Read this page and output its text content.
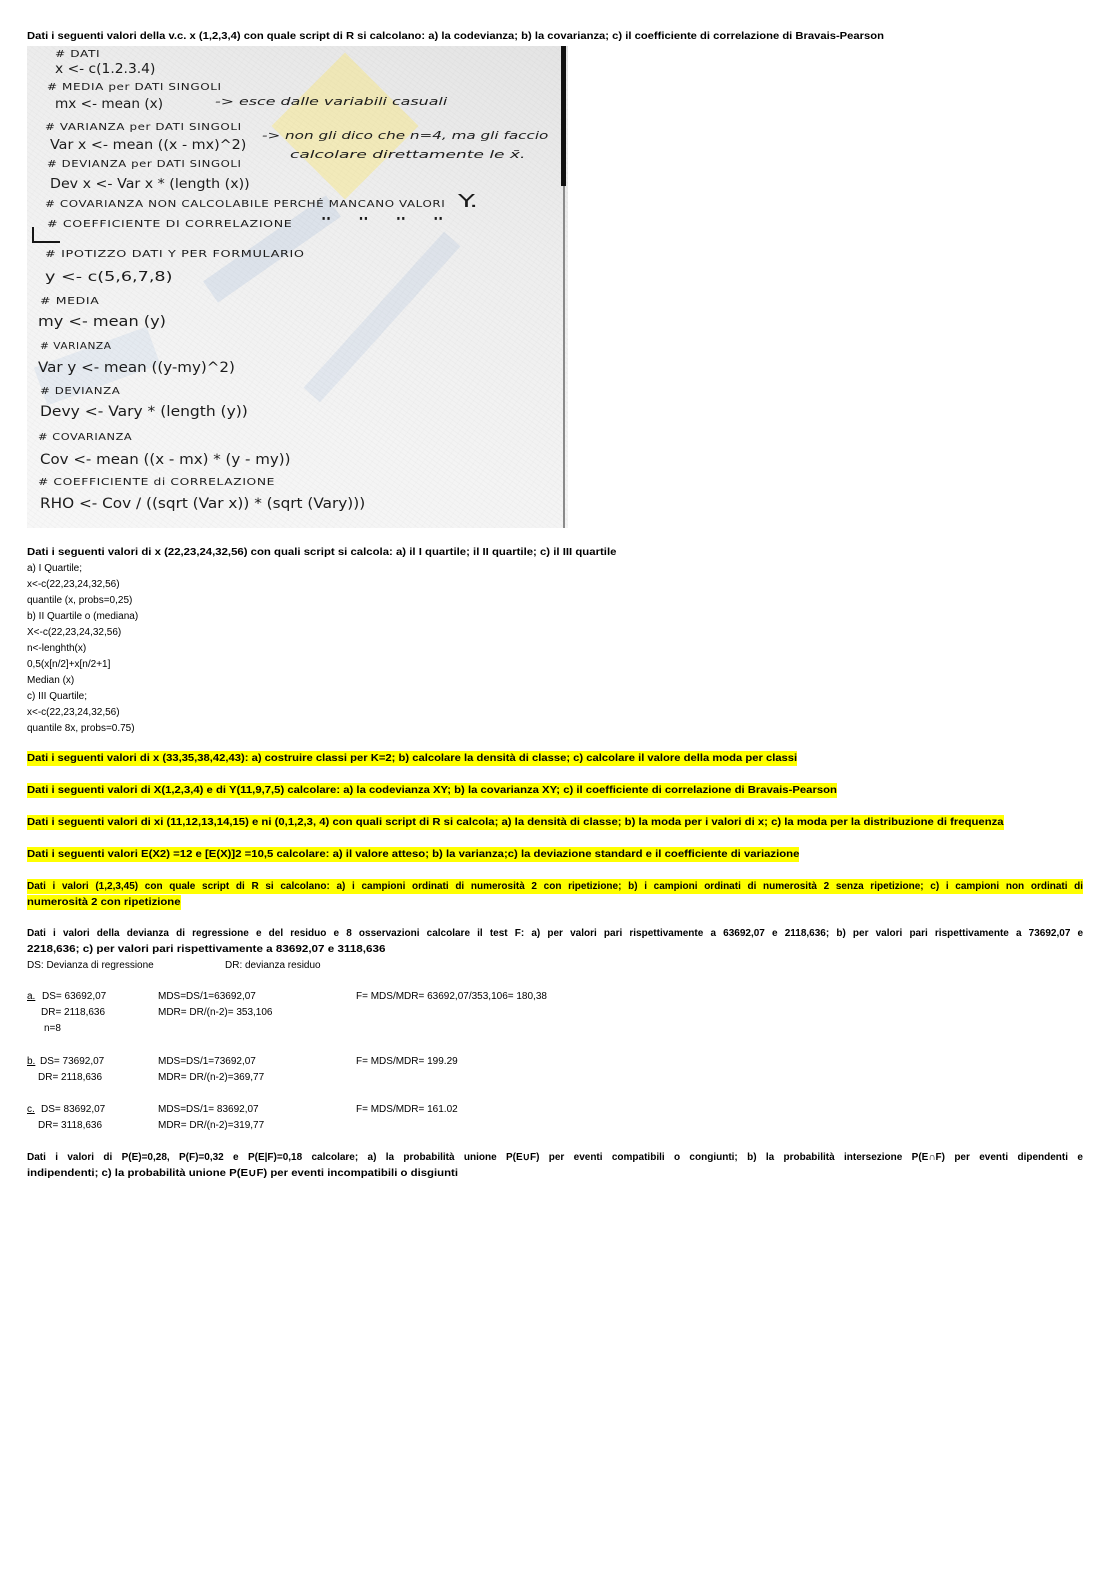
Dati i seguenti valori della v.c. x (1,2,3,4) con quale script di R si calcolano: a) la codevianza; b) la covarianza; c) il coefficiente di correlazione di Bravais-Pearson
# DATI
x <- c(1.2.3.4)
# MEDIA per DATI SINGOLI
mx <- mean (x)	-> esce dalle variabili casuali
# VARIANZA per DATI SINGOLI
-> non gli dico che n=4, ma gli faccio
Var x <- mean ((x - mx)^2)
calcolare direttamente le x̄.
# DEVIANZA per DATI SINGOLI
Dev x <- Var x * (length (x))
# COVARIANZA NON CALCOLABILE PERCHÉ MANCANO VALORI Y.
# COEFFICIENTE DI CORRELAZIONE	"   "   "   "
# IPOTIZZO DATI Y PER FORMULARIO
y <- c(5,6,7,8)
# MEDIA
my <- mean (y)
# VARIANZA
Var y <- mean ((y-my)^2)
# DEVIANZA
Devy <- Vary * (length (y))
# COVARIANZA
Cov <- mean ((x - mx) * (y - my))
# COEFFICIENTE di CORRELAZIONE
RHO <- Cov / ((sqrt (Var x)) * (sqrt (Vary)))
Dati i seguenti valori di x (22,23,24,32,56) con quali script si calcola: a) il I quartile; il II quartile; c) il III quartile
a) I Quartile;
x<-c(22,23,24,32,56)
quantile (x, probs=0,25)
b) II Quartile o (mediana)
X<-c(22,23,24,32,56)
n<-lenghth(x)
0,5(x[n/2]+x[n/2+1]
Median (x)
c) III Quartile;
x<-c(22,23,24,32,56)
quantile 8x, probs=0.75)
Dati i seguenti valori di x (33,35,38,42,43): a) costruire classi per K=2; b) calcolare la densità di classe; c) calcolare il valore della moda per classi
Dati i seguenti valori di X(1,2,3,4) e di Y(11,9,7,5) calcolare: a) la codevianza XY; b) la covarianza XY; c) il coefficiente di correlazione di Bravais-Pearson
Dati i seguenti valori di xi (11,12,13,14,15) e ni (0,1,2,3, 4) con quali script di R si calcola; a) la densità di classe; b) la moda per i valori di x; c) la moda per la distribuzione di frequenza
Dati i seguenti valori E(X2) =12 e [E(X)]2 =10,5 calcolare: a) il valore atteso; b) la varianza;c) la deviazione standard e il coefficiente di variazione
Dati i valori (1,2,3,45) con quale script di R si calcolano: a) i campioni ordinati di numerosità 2 con ripetizione; b) i campioni ordinati di numerosità 2 senza ripetizione; c) i campioni non ordinati di
numerosità 2 con ripetizione
Dati i valori della devianza di regressione e del residuo e 8 osservazioni calcolare il test F: a) per valori pari rispettivamente a 63692,07 e 2118,636; b) per valori pari rispettivamente a 73692,07 e
2218,636; c) per valori pari rispettivamente a 83692,07 e 3118,636
DS: Devianza di regressione	DR: devianza residuo
a. DS= 63692,07	MDS=DS/1=63692,07	F= MDS/MDR= 63692,07/353,106= 180,38
DR= 2118,636	MDR= DR/(n-2)= 353,106
n=8
b. DS= 73692,07	MDS=DS/1=73692,07	F= MDS/MDR= 199.29
DR= 2118,636	MDR= DR/(n-2)=369,77
c. DS= 83692,07	MDS=DS/1= 83692,07	F= MDS/MDR= 161.02
DR= 3118,636	MDR= DR/(n-2)=319,77
Dati i valori di P(E)=0,28, P(F)=0,32 e P(E|F)=0,18 calcolare; a) la probabilità unione P(E∪F) per eventi compatibili o congiunti; b) la probabilità intersezione P(E∩F) per eventi dipendenti e
indipendenti; c) la probabilità unione P(E∪F) per eventi incompatibili o disgiunti
